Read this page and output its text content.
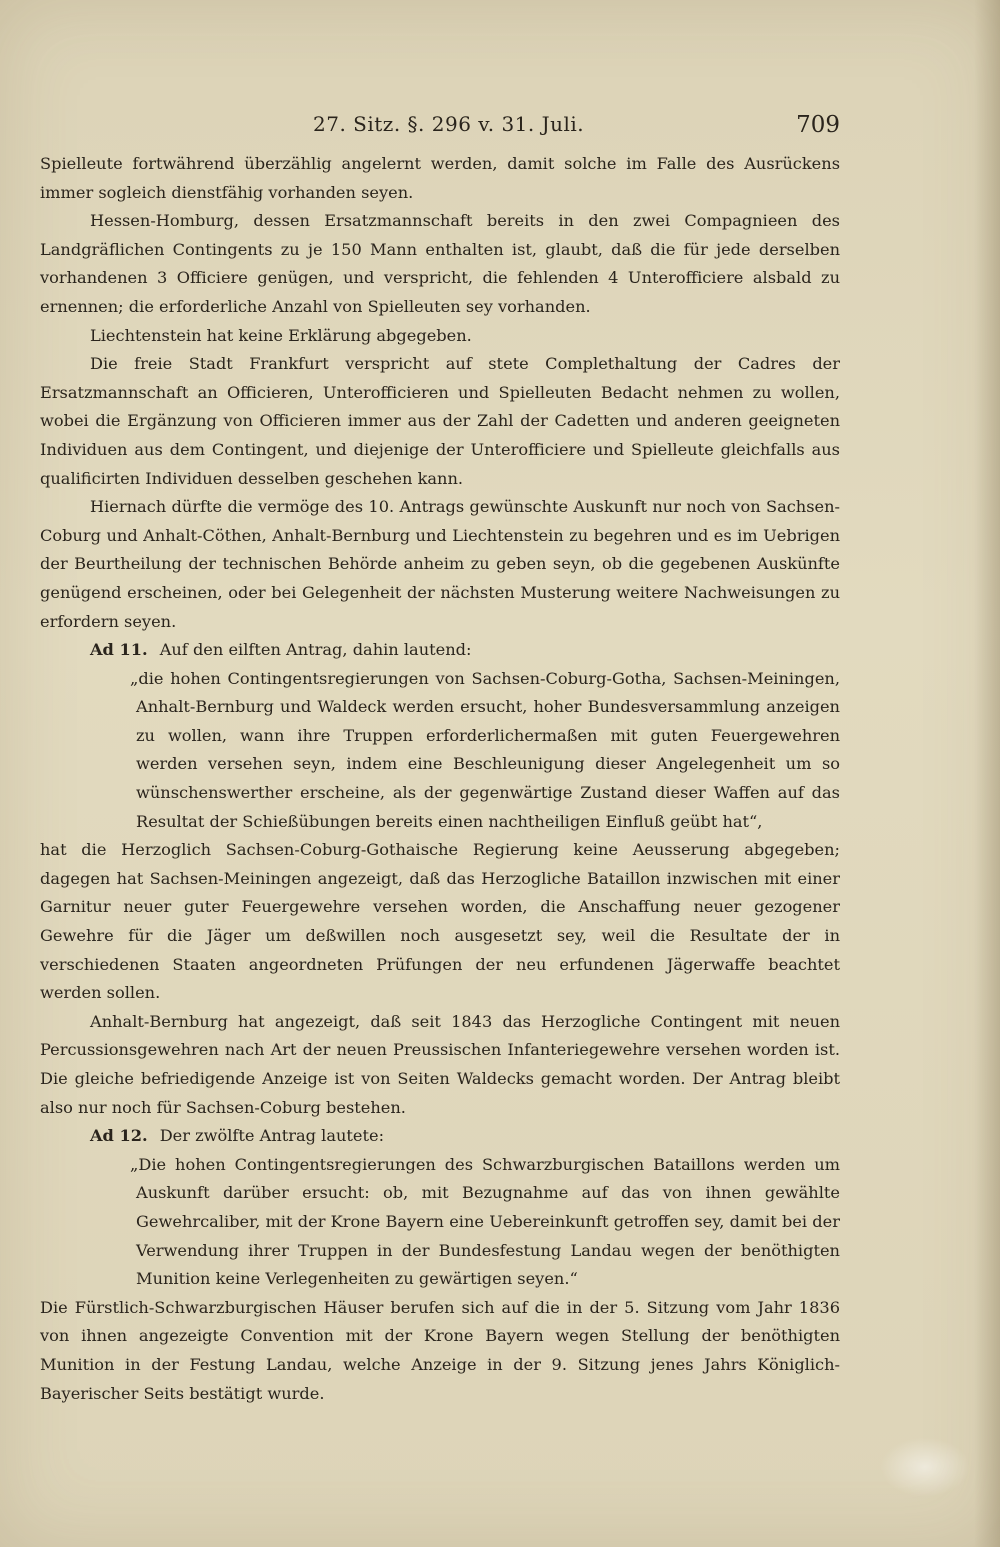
27. Sitz. §. 296 v. 31. Juli.	709

Spielleute fortwährend überzählig angelernt werden, damit solche im Falle des Ausrückens immer sogleich dienstfähig vorhanden seyen.

Hessen-Homburg, dessen Ersatzmannschaft bereits in den zwei Compagnieen des Landgräflichen Contingents zu je 150 Mann enthalten ist, glaubt, daß die für jede derselben vorhandenen 3 Officiere genügen, und verspricht, die fehlenden 4 Unterofficiere alsbald zu ernennen; die erforderliche Anzahl von Spielleuten sey vorhanden.

Liechtenstein hat keine Erklärung abgegeben.

Die freie Stadt Frankfurt verspricht auf stete Complethaltung der Cadres der Ersatzmannschaft an Officieren, Unterofficieren und Spielleuten Bedacht nehmen zu wollen, wobei die Ergänzung von Officieren immer aus der Zahl der Cadetten und anderen geeigneten Individuen aus dem Contingent, und diejenige der Unterofficiere und Spielleute gleichfalls aus qualificirten Individuen desselben geschehen kann.

Hiernach dürfte die vermöge des 10. Antrags gewünschte Auskunft nur noch von Sachsen-Coburg und Anhalt-Cöthen, Anhalt-Bernburg und Liechtenstein zu begehren und es im Uebrigen der Beurtheilung der technischen Behörde anheim zu geben seyn, ob die gegebenen Auskünfte genügend erscheinen, oder bei Gelegenheit der nächsten Musterung weitere Nachweisungen zu erfordern seyen.

Ad 11. Auf den eilften Antrag, dahin lautend:

„die hohen Contingentsregierungen von Sachsen-Coburg-Gotha, Sachsen-Meiningen, Anhalt-Bernburg und Waldeck werden ersucht, hoher Bundesversammlung anzeigen zu wollen, wann ihre Truppen erforderlichermaßen mit guten Feuergewehren werden versehen seyn, indem eine Beschleunigung dieser Angelegenheit um so wünschenswerther erscheine, als der gegenwärtige Zustand dieser Waffen auf das Resultat der Schießübungen bereits einen nachtheiligen Einfluß geübt hat“,

hat die Herzoglich Sachsen-Coburg-Gothaische Regierung keine Aeusserung abgegeben; dagegen hat Sachsen-Meiningen angezeigt, daß das Herzogliche Bataillon inzwischen mit einer Garnitur neuer guter Feuergewehre versehen worden, die Anschaffung neuer gezogener Gewehre für die Jäger um deßwillen noch ausgesetzt sey, weil die Resultate der in verschiedenen Staaten angeordneten Prüfungen der neu erfundenen Jägerwaffe beachtet werden sollen.

Anhalt-Bernburg hat angezeigt, daß seit 1843 das Herzogliche Contingent mit neuen Percussionsgewehren nach Art der neuen Preussischen Infanteriegewehre versehen worden ist. Die gleiche befriedigende Anzeige ist von Seiten Waldecks gemacht worden. Der Antrag bleibt also nur noch für Sachsen-Coburg bestehen.

Ad 12. Der zwölfte Antrag lautete:

„Die hohen Contingentsregierungen des Schwarzburgischen Bataillons werden um Auskunft darüber ersucht: ob, mit Bezugnahme auf das von ihnen gewählte Gewehrcaliber, mit der Krone Bayern eine Uebereinkunft getroffen sey, damit bei der Verwendung ihrer Truppen in der Bundesfestung Landau wegen der benöthigten Munition keine Verlegenheiten zu gewärtigen seyen.“

Die Fürstlich-Schwarzburgischen Häuser berufen sich auf die in der 5. Sitzung vom Jahr 1836 von ihnen angezeigte Convention mit der Krone Bayern wegen Stellung der benöthigten Munition in der Festung Landau, welche Anzeige in der 9. Sitzung jenes Jahrs Königlich-Bayerischer Seits bestätigt wurde.
